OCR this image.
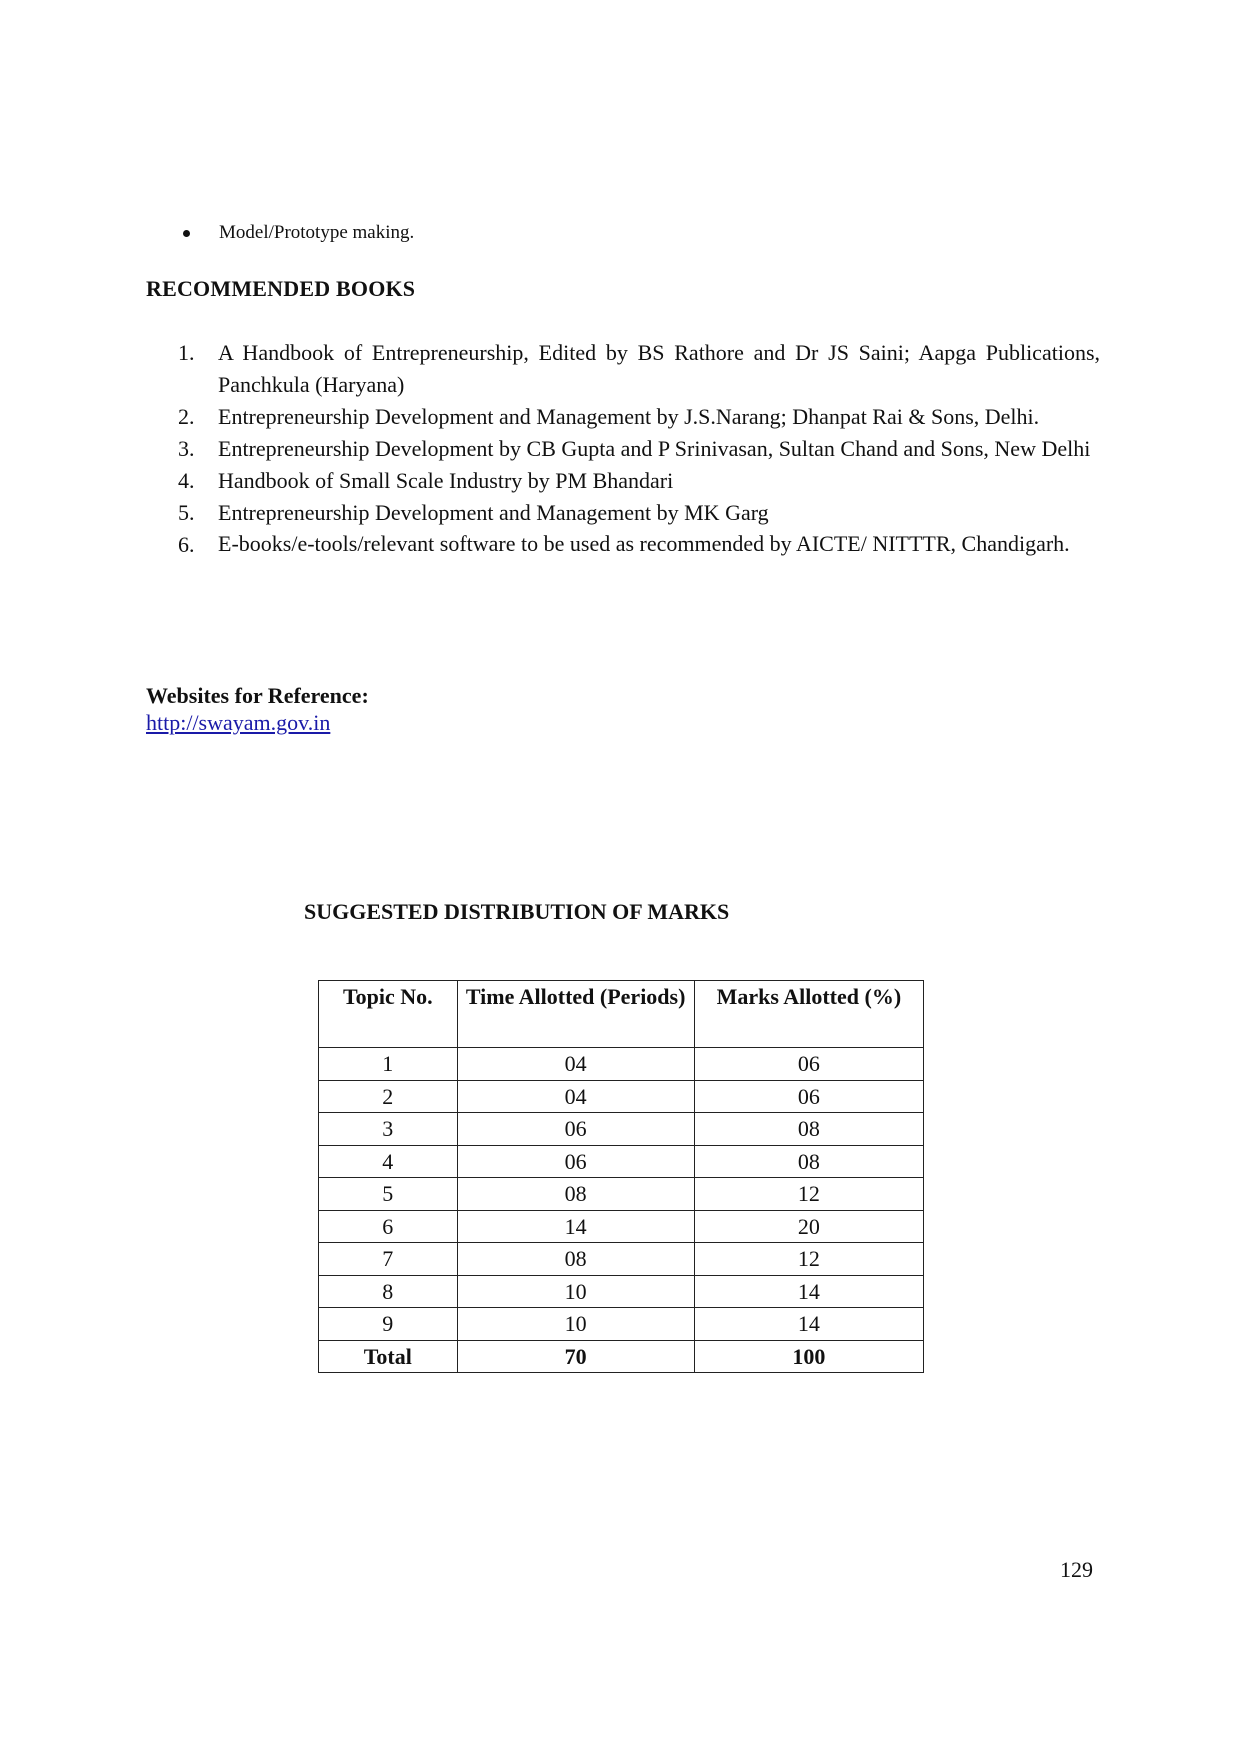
Model/Prototype making.
RECOMMENDED BOOKS
1.	A Handbook of Entrepreneurship, Edited by BS Rathore and Dr JS Saini; Aapga Publications, Panchkula (Haryana)
2.	Entrepreneurship Development and Management by J.S.Narang; Dhanpat Rai & Sons, Delhi.
3.	Entrepreneurship Development by CB Gupta and P Srinivasan, Sultan Chand and Sons, New Delhi
4.	Handbook of Small Scale Industry by PM Bhandari
5.	Entrepreneurship Development and Management by MK Garg
6.	E-books/e-tools/relevant software to be used as recommended by AICTE/ NITTTR, Chandigarh.
Websites for Reference:
http://swayam.gov.in
SUGGESTED DISTRIBUTION OF MARKS
Topic No.	Time Allotted (Periods)	Marks Allotted (%)
1	04	06
2	04	06
3	06	08
4	06	08
5	08	12
6	14	20
7	08	12
8	10	14
9	10	14
Total	70	100
129
